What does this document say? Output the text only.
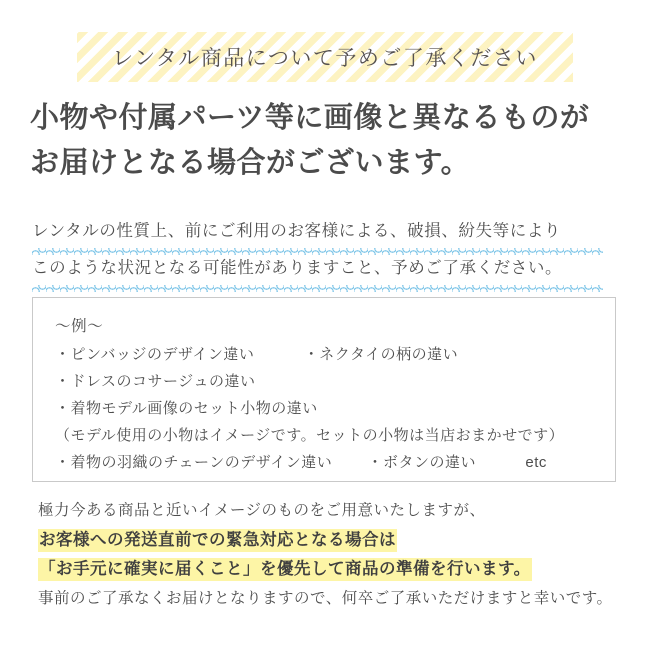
レンタル商品について予めご了承ください
小物や付属パーツ等に画像と異なるものが
お届けとなる場合がございます。
レンタルの性質上、前にご利用のお客様による、破損、紛失等により
このような状況となる可能性がありますこと、予めご了承ください。
〜例〜
・ピンバッジのデザイン違い	・ネクタイの柄の違い
・ドレスのコサージュの違い
・着物モデル画像のセット小物の違い
（モデル使用の小物はイメージです。セットの小物は当店おまかせです）
・着物の羽織のチェーンのデザイン違い ・ボタンの違い	etc
極力今ある商品と近いイメージのものをご用意いたしますが、
お客様への発送直前での緊急対応となる場合は
「お手元に確実に届くこと」を優先して商品の準備を行います。
事前のご了承なくお届けとなりますので、何卒ご了承いただけますと幸いです。
